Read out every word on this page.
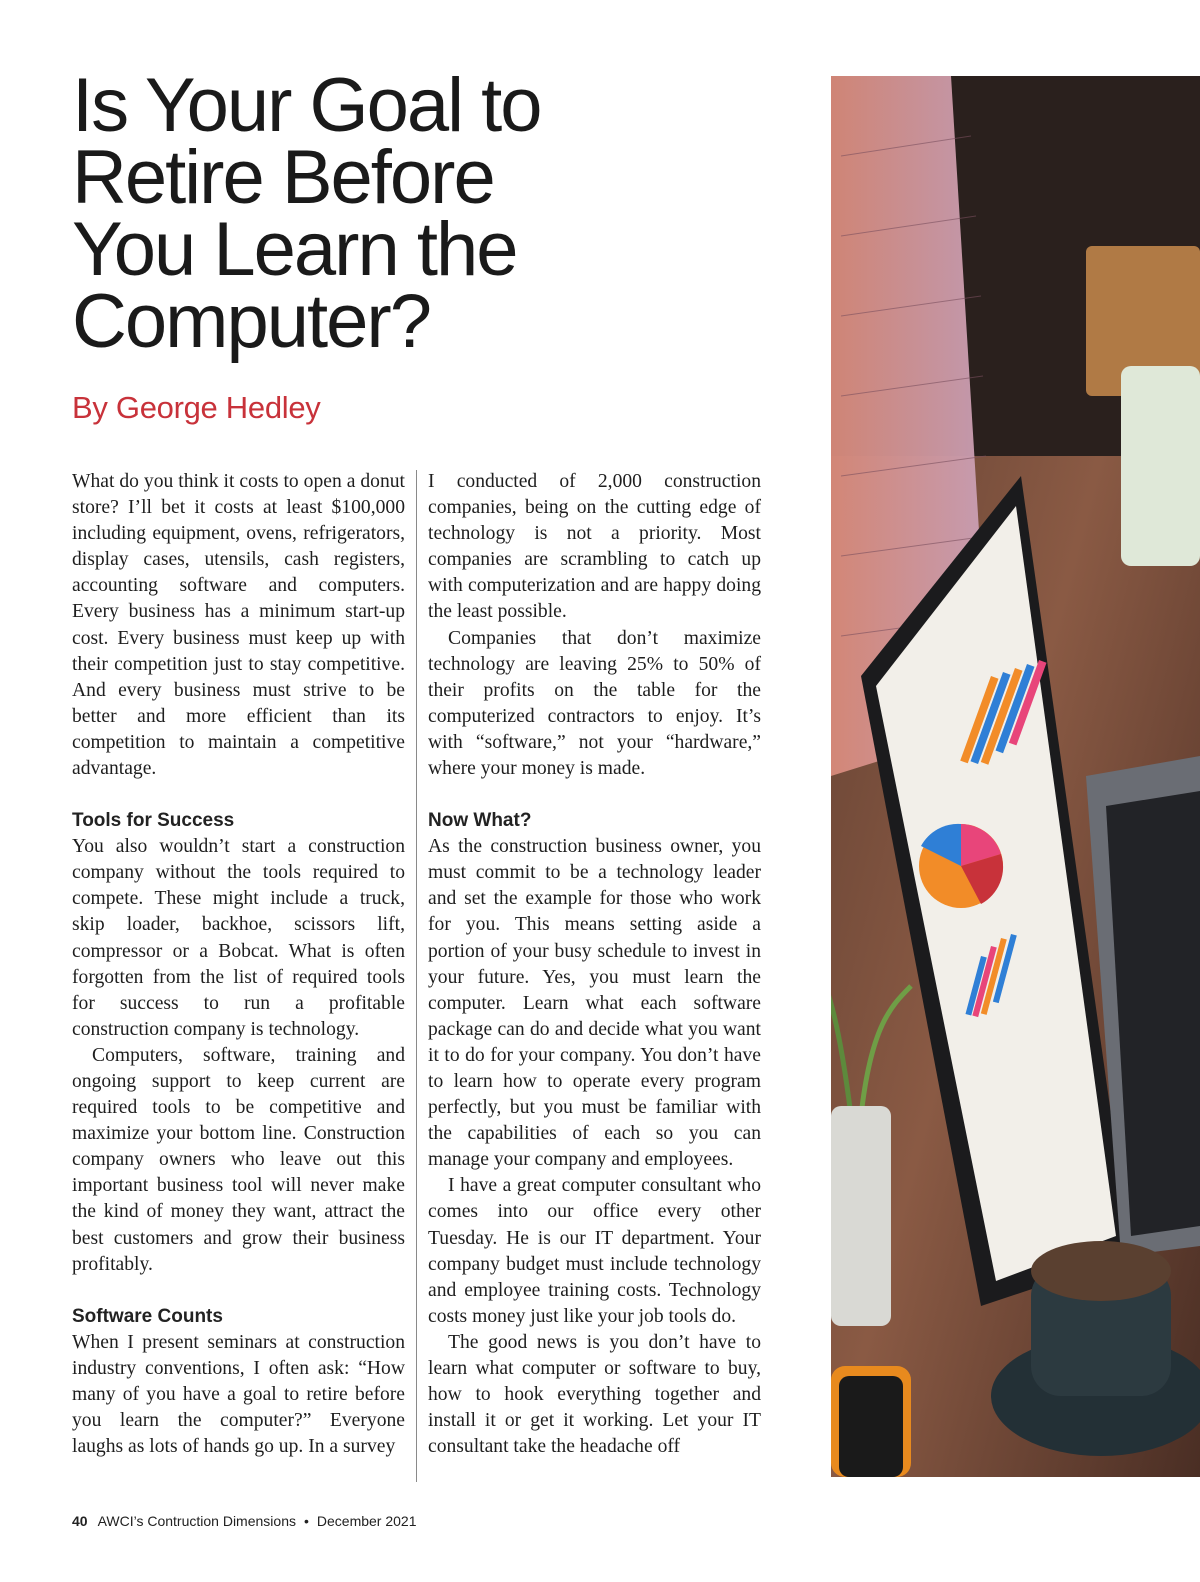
Is Your Goal to
Retire Before
You Learn the
Computer?
By George Hedley

What do you think it costs to open a donut store? I’ll bet it costs at least $100,000 including equipment, ovens, refrigerators, display cases, utensils, cash registers, accounting software and computers. Every business has a minimum start-up cost. Every business must keep up with their competition just to stay competitive. And every business must strive to be better and more efficient than its competition to maintain a competitive advantage.

Tools for Success

You also wouldn’t start a construction company without the tools required to compete. These might include a truck, skip loader, backhoe, scissors lift, compressor or a Bobcat. What is often forgotten from the list of required tools for success to run a profitable construction company is technology.

Computers, software, training and ongoing support to keep current are required tools to be competitive and maximize your bottom line. Construction company owners who leave out this important business tool will never make the kind of money they want, attract the best customers and grow their business profitably.

Software Counts

When I present seminars at construction industry conventions, I often ask: “How many of you have a goal to retire before you learn the computer?” Everyone laughs as lots of hands go up. In a survey

I conducted of 2,000 construction companies, being on the cutting edge of technology is not a priority. Most companies are scrambling to catch up with computerization and are happy doing the least possible.

Companies that don’t maximize technology are leaving 25% to 50% of their profits on the table for the computerized contractors to enjoy. It’s with “software,” not your “hardware,” where your money is made.

Now What?

As the construction business owner, you must commit to be a technology leader and set the example for those who work for you. This means setting aside a portion of your busy schedule to invest in your future. Yes, you must learn the computer. Learn what each software package can do and decide what you want it to do for your company. You don’t have to learn how to operate every program perfectly, but you must be familiar with the capabilities of each so you can manage your company and employees.

I have a great computer consultant who comes into our office every other Tuesday. He is our IT department. Your company budget must include technology and employee training costs. Technology costs money just like your job tools do.

The good news is you don’t have to learn what computer or software to buy, how to hook everything together and install it or get it working. Let your IT consultant take the headache off

40 AWCI’s Contruction Dimensions • December 2021
